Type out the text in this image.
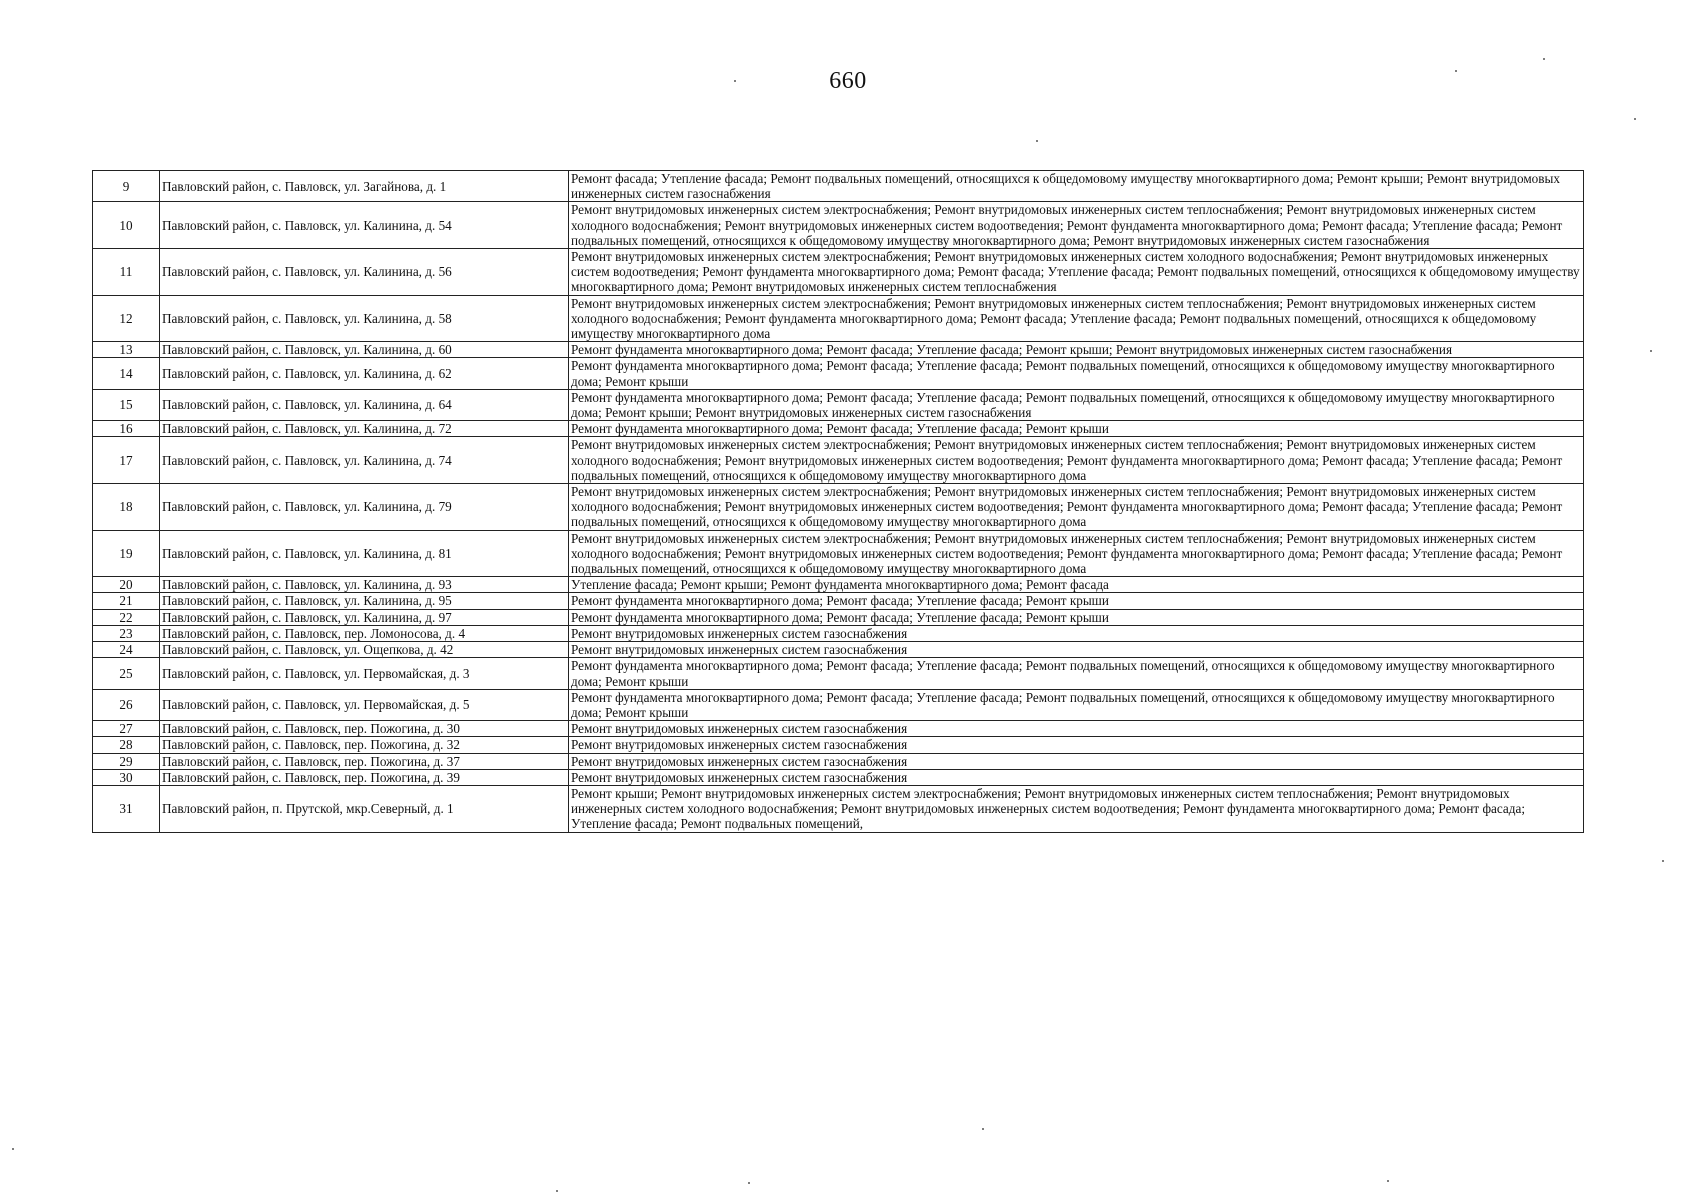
660
9	Павловский район, с. Павловск, ул. Загайнова, д. 1	Ремонт фасада; Утепление фасада; Ремонт подвальных помещений, относящихся к общедомовому имуществу многоквартирного дома; Ремонт крыши; Ремонт внутридомовых инженерных систем газоснабжения
10	Павловский район, с. Павловск, ул. Калинина, д. 54	Ремонт внутридомовых инженерных систем электроснабжения; Ремонт внутридомовых инженерных систем теплоснабжения; Ремонт внутридомовых инженерных систем холодного водоснабжения; Ремонт внутридомовых инженерных систем водоотведения; Ремонт фундамента многоквартирного дома; Ремонт фасада; Утепление фасада; Ремонт подвальных помещений, относящихся к общедомовому имуществу многоквартирного дома; Ремонт внутридомовых инженерных систем газоснабжения
11	Павловский район, с. Павловск, ул. Калинина, д. 56	Ремонт внутридомовых инженерных систем электроснабжения; Ремонт внутридомовых инженерных систем холодного водоснабжения; Ремонт внутридомовых инженерных систем водоотведения; Ремонт фундамента многоквартирного дома; Ремонт фасада; Утепление фасада; Ремонт подвальных помещений, относящихся к общедомовому имуществу многоквартирного дома; Ремонт внутридомовых инженерных систем теплоснабжения
12	Павловский район, с. Павловск, ул. Калинина, д. 58	Ремонт внутридомовых инженерных систем электроснабжения; Ремонт внутридомовых инженерных систем теплоснабжения; Ремонт внутридомовых инженерных систем холодного водоснабжения; Ремонт фундамента многоквартирного дома; Ремонт фасада; Утепление фасада; Ремонт подвальных помещений, относящихся к общедомовому имуществу многоквартирного дома
13	Павловский район, с. Павловск, ул. Калинина, д. 60	Ремонт фундамента многоквартирного дома; Ремонт фасада; Утепление фасада; Ремонт крыши; Ремонт внутридомовых инженерных систем газоснабжения
14	Павловский район, с. Павловск, ул. Калинина, д. 62	Ремонт фундамента многоквартирного дома; Ремонт фасада; Утепление фасада; Ремонт подвальных помещений, относящихся к общедомовому имуществу многоквартирного дома; Ремонт крыши
15	Павловский район, с. Павловск, ул. Калинина, д. 64	Ремонт фундамента многоквартирного дома; Ремонт фасада; Утепление фасада; Ремонт подвальных помещений, относящихся к общедомовому имуществу многоквартирного дома; Ремонт крыши; Ремонт внутридомовых инженерных систем газоснабжения
16	Павловский район, с. Павловск, ул. Калинина, д. 72	Ремонт фундамента многоквартирного дома; Ремонт фасада; Утепление фасада; Ремонт крыши
17	Павловский район, с. Павловск, ул. Калинина, д. 74	Ремонт внутридомовых инженерных систем электроснабжения; Ремонт внутридомовых инженерных систем теплоснабжения; Ремонт внутридомовых инженерных систем холодного водоснабжения; Ремонт внутридомовых инженерных систем водоотведения; Ремонт фундамента многоквартирного дома; Ремонт фасада; Утепление фасада; Ремонт подвальных помещений, относящихся к общедомовому имуществу многоквартирного дома
18	Павловский район, с. Павловск, ул. Калинина, д. 79	Ремонт внутридомовых инженерных систем электроснабжения; Ремонт внутридомовых инженерных систем теплоснабжения; Ремонт внутридомовых инженерных систем холодного водоснабжения; Ремонт внутридомовых инженерных систем водоотведения; Ремонт фундамента многоквартирного дома; Ремонт фасада; Утепление фасада; Ремонт подвальных помещений, относящихся к общедомовому имуществу многоквартирного дома
19	Павловский район, с. Павловск, ул. Калинина, д. 81	Ремонт внутридомовых инженерных систем электроснабжения; Ремонт внутридомовых инженерных систем теплоснабжения; Ремонт внутридомовых инженерных систем холодного водоснабжения; Ремонт внутридомовых инженерных систем водоотведения; Ремонт фундамента многоквартирного дома; Ремонт фасада; Утепление фасада; Ремонт подвальных помещений, относящихся к общедомовому имуществу многоквартирного дома
20	Павловский район, с. Павловск, ул. Калинина, д. 93	Утепление фасада; Ремонт крыши; Ремонт фундамента многоквартирного дома; Ремонт фасада
21	Павловский район, с. Павловск, ул. Калинина, д. 95	Ремонт фундамента многоквартирного дома; Ремонт фасада; Утепление фасада; Ремонт крыши
22	Павловский район, с. Павловск, ул. Калинина, д. 97	Ремонт фундамента многоквартирного дома; Ремонт фасада; Утепление фасада; Ремонт крыши
23	Павловский район, с. Павловск, пер. Ломоносова, д. 4	Ремонт внутридомовых инженерных систем газоснабжения
24	Павловский район, с. Павловск, ул. Ощепкова, д. 42	Ремонт внутридомовых инженерных систем газоснабжения
25	Павловский район, с. Павловск, ул. Первомайская, д. 3	Ремонт фундамента многоквартирного дома; Ремонт фасада; Утепление фасада; Ремонт подвальных помещений, относящихся к общедомовому имуществу многоквартирного дома; Ремонт крыши
26	Павловский район, с. Павловск, ул. Первомайская, д. 5	Ремонт фундамента многоквартирного дома; Ремонт фасада; Утепление фасада; Ремонт подвальных помещений, относящихся к общедомовому имуществу многоквартирного дома; Ремонт крыши
27	Павловский район, с. Павловск, пер. Пожогина, д. 30	Ремонт внутридомовых инженерных систем газоснабжения
28	Павловский район, с. Павловск, пер. Пожогина, д. 32	Ремонт внутридомовых инженерных систем газоснабжения
29	Павловский район, с. Павловск, пер. Пожогина, д. 37	Ремонт внутридомовых инженерных систем газоснабжения
30	Павловский район, с. Павловск, пер. Пожогина, д. 39	Ремонт внутридомовых инженерных систем газоснабжения
31	Павловский район, п. Прутской, мкр.Северный, д. 1	Ремонт крыши; Ремонт внутридомовых инженерных систем электроснабжения; Ремонт внутридомовых инженерных систем теплоснабжения; Ремонт внутридомовых инженерных систем холодного водоснабжения; Ремонт внутридомовых инженерных систем водоотведения; Ремонт фундамента многоквартирного дома; Ремонт фасада; Утепление фасада; Ремонт подвальных помещений,
